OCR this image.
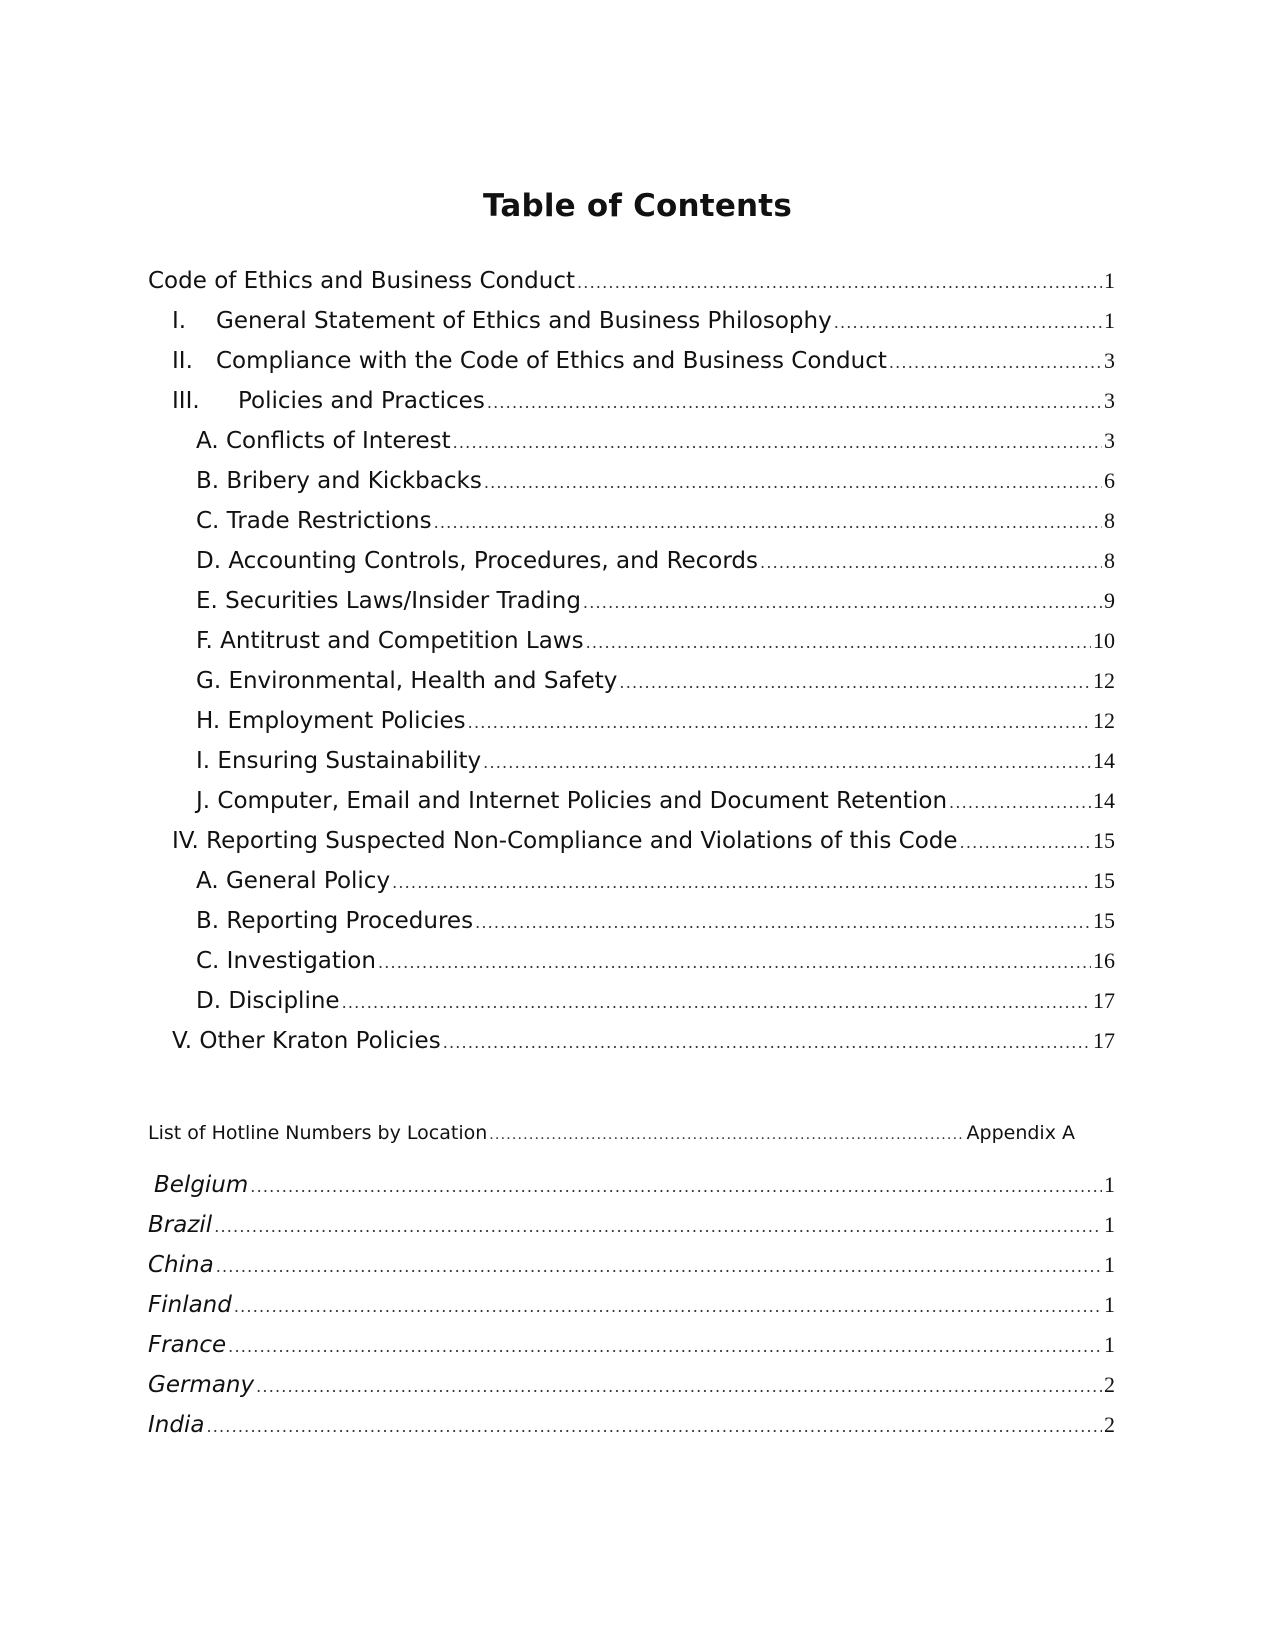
Table of Contents
Code of Ethics and Business Conduct .....	1
I. General Statement of Ethics and Business Philosophy .....	1
II. Compliance with the Code of Ethics and Business Conduct .....	3
III. Policies and Practices .....	3
A. Conflicts of Interest .....	3
B. Bribery and Kickbacks .....	6
C. Trade Restrictions .....	8
D. Accounting Controls, Procedures, and Records .....	8
E. Securities Laws/Insider Trading .....	9
F. Antitrust and Competition Laws .....	10
G. Environmental, Health and Safety .....	12
H. Employment Policies .....	12
I. Ensuring Sustainability .....	14
J. Computer, Email and Internet Policies and Document Retention .....	14
IV. Reporting Suspected Non-Compliance and Violations of this Code .....	15
A. General Policy .....	15
B. Reporting Procedures .....	15
C. Investigation .....	16
D. Discipline .....	17
V. Other Kraton Policies .....	17
List of Hotline Numbers by Location .....	Appendix A
Belgium .....	1
Brazil .....	1
China .....	1
Finland .....	1
France .....	1
Germany .....	2
India .....	2
